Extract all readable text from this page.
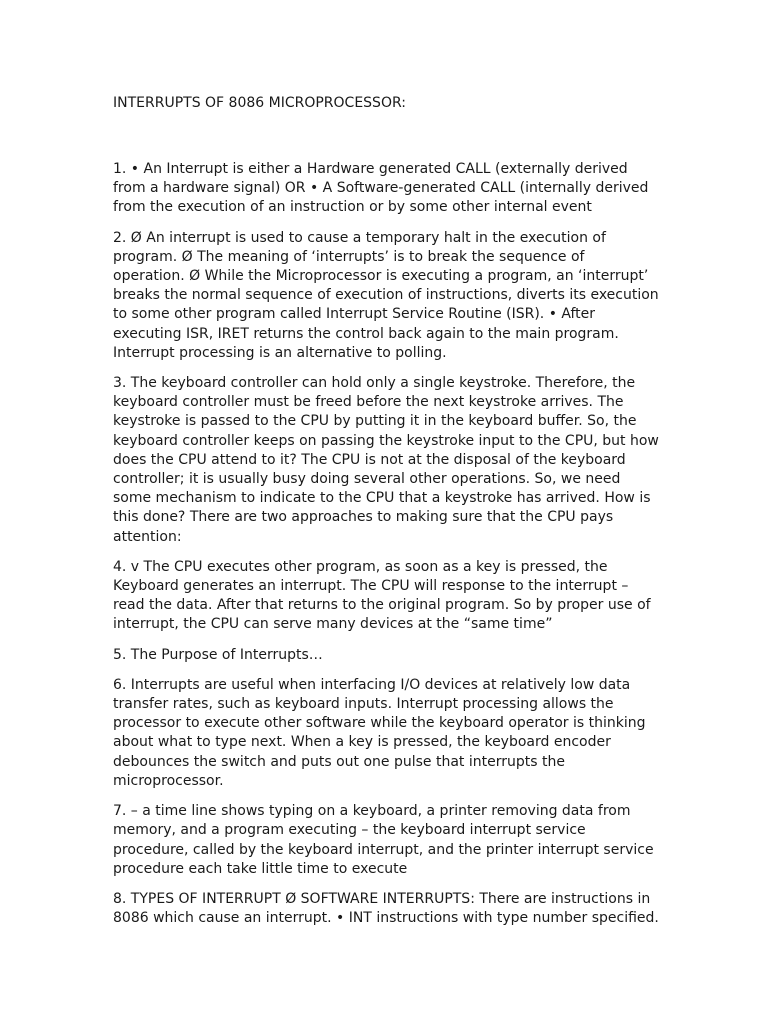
INTERRUPTS OF 8086 MICROPROCESSOR:

1. • An Interrupt is either a Hardware generated CALL (externally derived from a hardware signal) OR • A Software-generated CALL (internally derived from the execution of an instruction or by some other internal event

2. Ø An interrupt is used to cause a temporary halt in the execution of program. Ø The meaning of ‘interrupts’ is to break the sequence of operation. Ø While the Microprocessor is executing a program, an ‘interrupt’ breaks the normal sequence of execution of instructions, diverts its execution to some other program called Interrupt Service Routine (ISR). • After executing ISR, IRET returns the control back again to the main program. Interrupt processing is an alternative to polling.

3. The keyboard controller can hold only a single keystroke. Therefore, the keyboard controller must be freed before the next keystroke arrives. The keystroke is passed to the CPU by putting it in the keyboard buffer. So, the keyboard controller keeps on passing the keystroke input to the CPU, but how does the CPU attend to it? The CPU is not at the disposal of the keyboard controller; it is usually busy doing several other operations. So, we need some mechanism to indicate to the CPU that a keystroke has arrived. How is this done? There are two approaches to making sure that the CPU pays attention:

4. v The CPU executes other program, as soon as a key is pressed, the Keyboard generates an interrupt. The CPU will response to the interrupt – read the data. After that returns to the original program. So by proper use of interrupt, the CPU can serve many devices at the “same time”

5. The Purpose of Interrupts…

6. Interrupts are useful when interfacing I/O devices at relatively low data transfer rates, such as keyboard inputs. Interrupt processing allows the processor to execute other software while the keyboard operator is thinking about what to type next. When a key is pressed, the keyboard encoder debounces the switch and puts out one pulse that interrupts the microprocessor.

7. – a time line shows typing on a keyboard, a printer removing data from memory, and a program executing – the keyboard interrupt service procedure, called by the keyboard interrupt, and the printer interrupt service procedure each take little time to execute

8. TYPES OF INTERRUPT Ø SOFTWARE INTERRUPTS: There are instructions in 8086 which cause an interrupt. • INT instructions with type number specified.
